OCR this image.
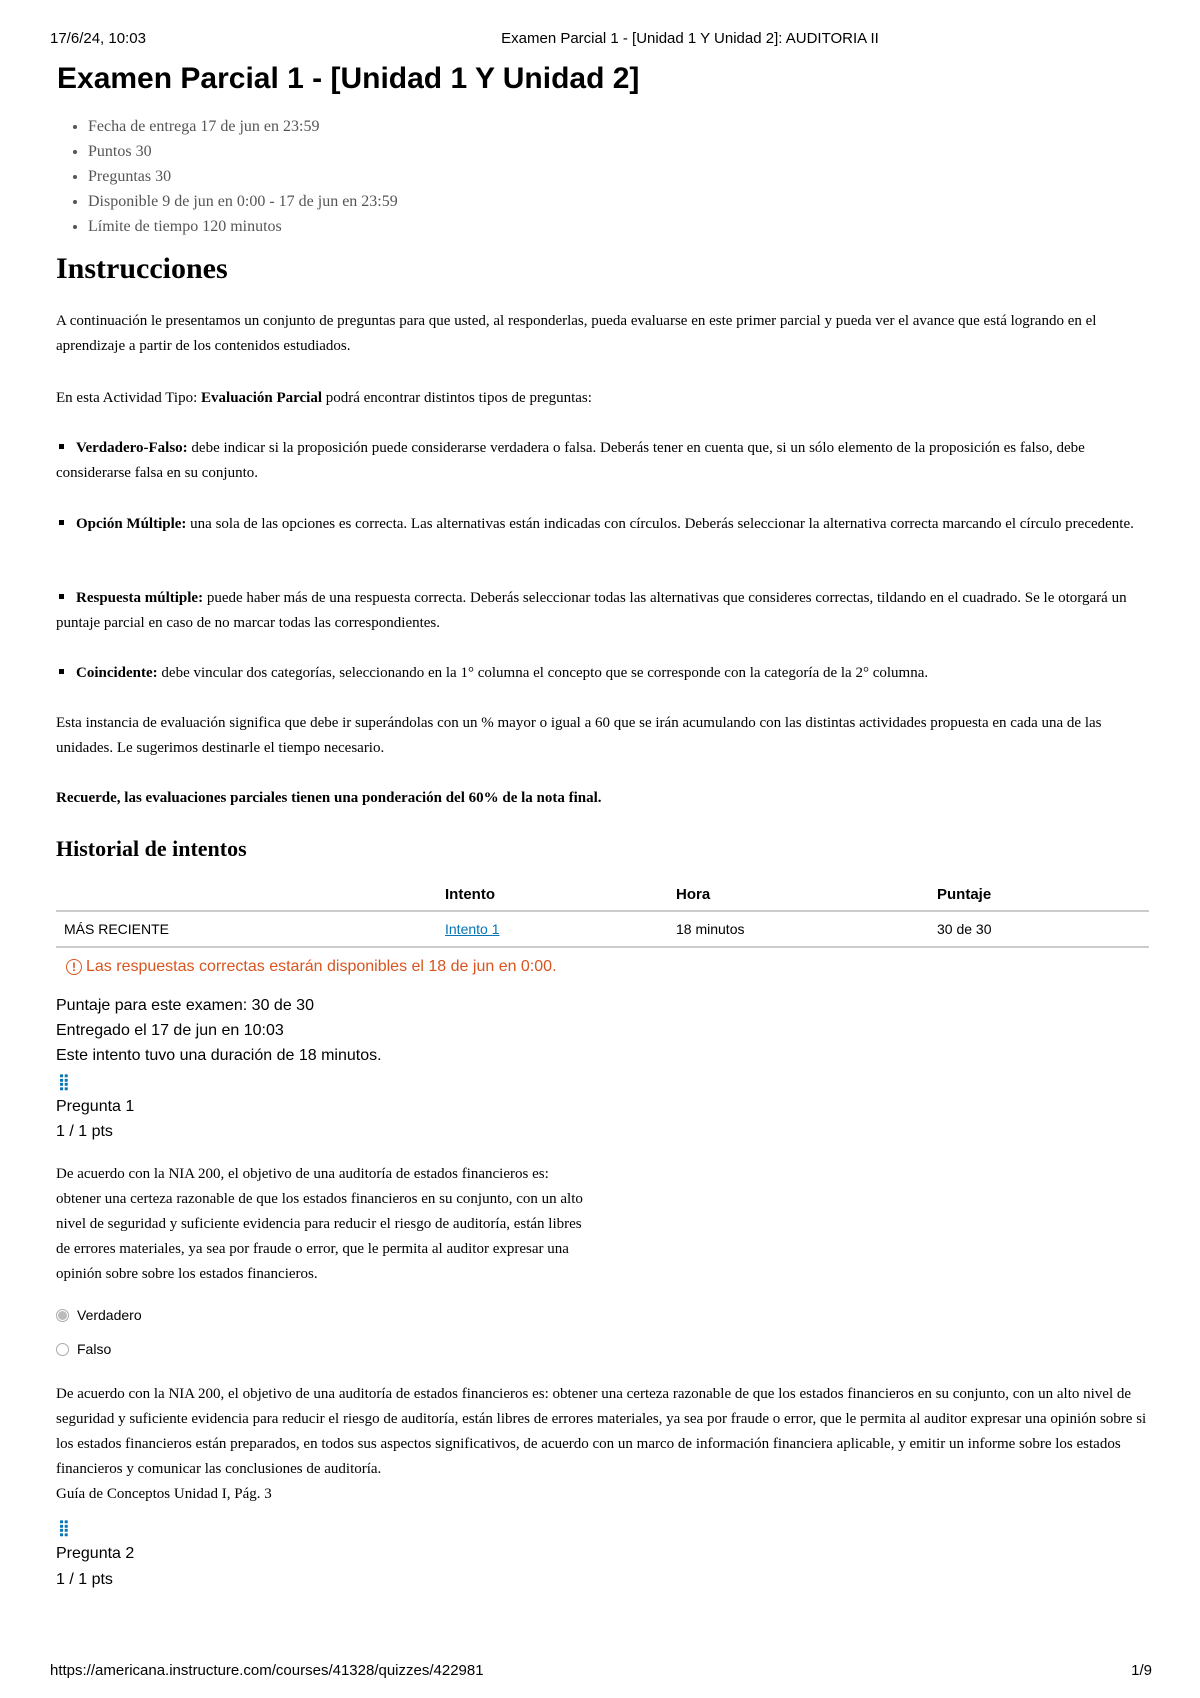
17/6/24, 10:03	Examen Parcial 1 - [Unidad 1 Y Unidad 2]: AUDITORIA II
Examen Parcial 1 - [Unidad 1 Y Unidad 2]
• Fecha de entrega 17 de jun en 23:59
• Puntos 30
• Preguntas 30
• Disponible 9 de jun en 0:00 - 17 de jun en 23:59
• Límite de tiempo 120 minutos
Instrucciones

A continuación le presentamos un conjunto de preguntas para que usted, al responderlas, pueda evaluarse en este primer parcial y pueda ver el avance que está logrando en el aprendizaje a partir de los contenidos estudiados.

En esta Actividad Tipo: Evaluación Parcial podrá encontrar distintos tipos de preguntas:

Verdadero-Falso: debe indicar si la proposición puede considerarse verdadera o falsa. Deberás tener en cuenta que, si un sólo elemento de la proposición es falso, debe considerarse falsa en su conjunto.

Opción Múltiple: una sola de las opciones es correcta. Las alternativas están indicadas con círculos. Deberás seleccionar la alternativa correcta marcando el círculo precedente.

Respuesta múltiple: puede haber más de una respuesta correcta. Deberás seleccionar todas las alternativas que consideres correctas, tildando en el cuadrado. Se le otorgará un puntaje parcial en caso de no marcar todas las correspondientes.

Coincidente: debe vincular dos categorías, seleccionando en la 1° columna el concepto que se corresponde con la categoría de la 2° columna.

Esta instancia de evaluación significa que debe ir superándolas con un % mayor o igual a 60 que se irán acumulando con las distintas actividades propuesta en cada una de las unidades. Le sugerimos destinarle el tiempo necesario.

Recuerde, las evaluaciones parciales tienen una ponderación del 60% de la nota final.

Historial de intentos
	Intento	Hora	Puntaje
MÁS RECIENTE	Intento 1	18 minutos	30 de 30
! Las respuestas correctas estarán disponibles el 18 de jun en 0:00.
Puntaje para este examen: 30 de 30
Entregado el 17 de jun en 10:03
Este intento tuvo una duración de 18 minutos.
⣿
Pregunta 1
1 / 1 pts

De acuerdo con la NIA 200, el objetivo de una auditoría de estados financieros es: obtener una certeza razonable de que los estados financieros en su conjunto, con un alto nivel de seguridad y suficiente evidencia para reducir el riesgo de auditoría, están libres de errores materiales, ya sea por fraude o error, que le permita al auditor expresar una opinión sobre sobre los estados financieros.

Verdadero
Falso

De acuerdo con la NIA 200, el objetivo de una auditoría de estados financieros es: obtener una certeza razonable de que los estados financieros en su conjunto, con un alto nivel de seguridad y suficiente evidencia para reducir el riesgo de auditoría, están libres de errores materiales, ya sea por fraude o error, que le permita al auditor expresar una opinión sobre si los estados financieros están preparados, en todos sus aspectos significativos, de acuerdo con un marco de información financiera aplicable, y emitir un informe sobre los estados financieros y comunicar las conclusiones de auditoría.

Guía de Conceptos Unidad I, Pág. 3

⣿
Pregunta 2
1 / 1 pts
https://americana.instructure.com/courses/41328/quizzes/422981	1/9
